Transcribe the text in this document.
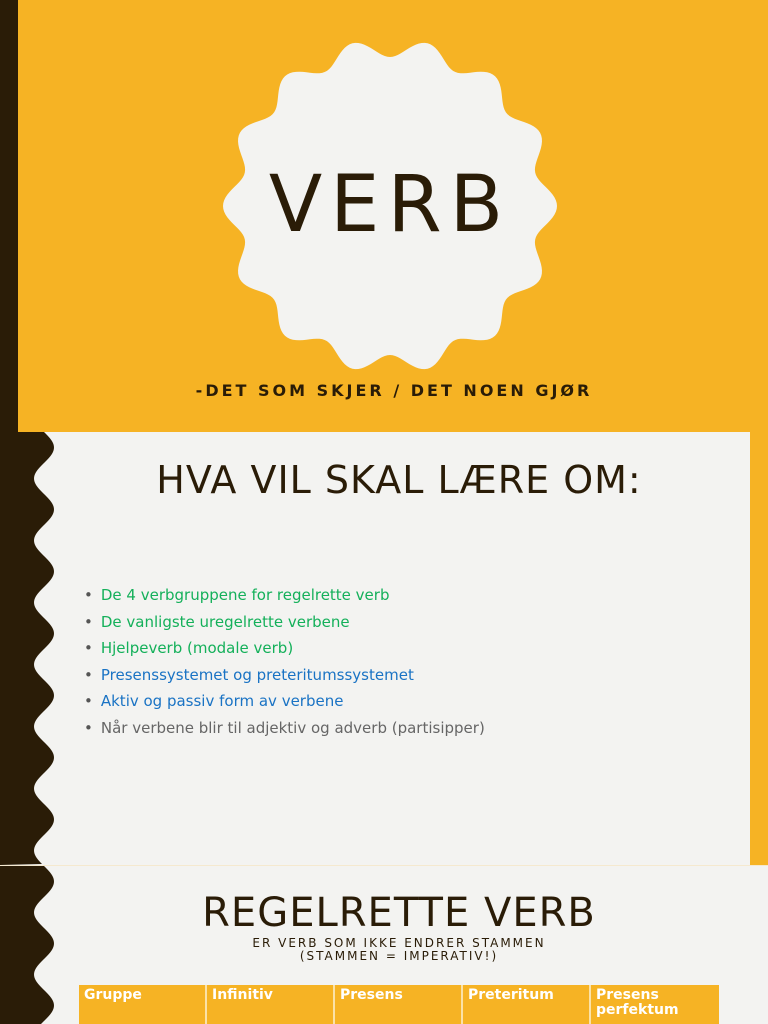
VERB
-DET SOM SKJER / DET NOEN GJØR
HVA VIL SKAL LÆRE OM:
• De 4 verbgruppene for regelrette verb
• De vanligste uregelrette verbene
• Hjelpeverb (modale verb)
• Presenssystemet og preteritumssystemet
• Aktiv og passiv form av verbene
• Når verbene blir til adjektiv og adverb (partisipper)
REGELRETTE VERB
ER VERB SOM IKKE ENDRER STAMMEN
(STAMMEN = IMPERATIV!)
Gruppe	Infinitiv	Presens	Preteritum	Presens perfektum
